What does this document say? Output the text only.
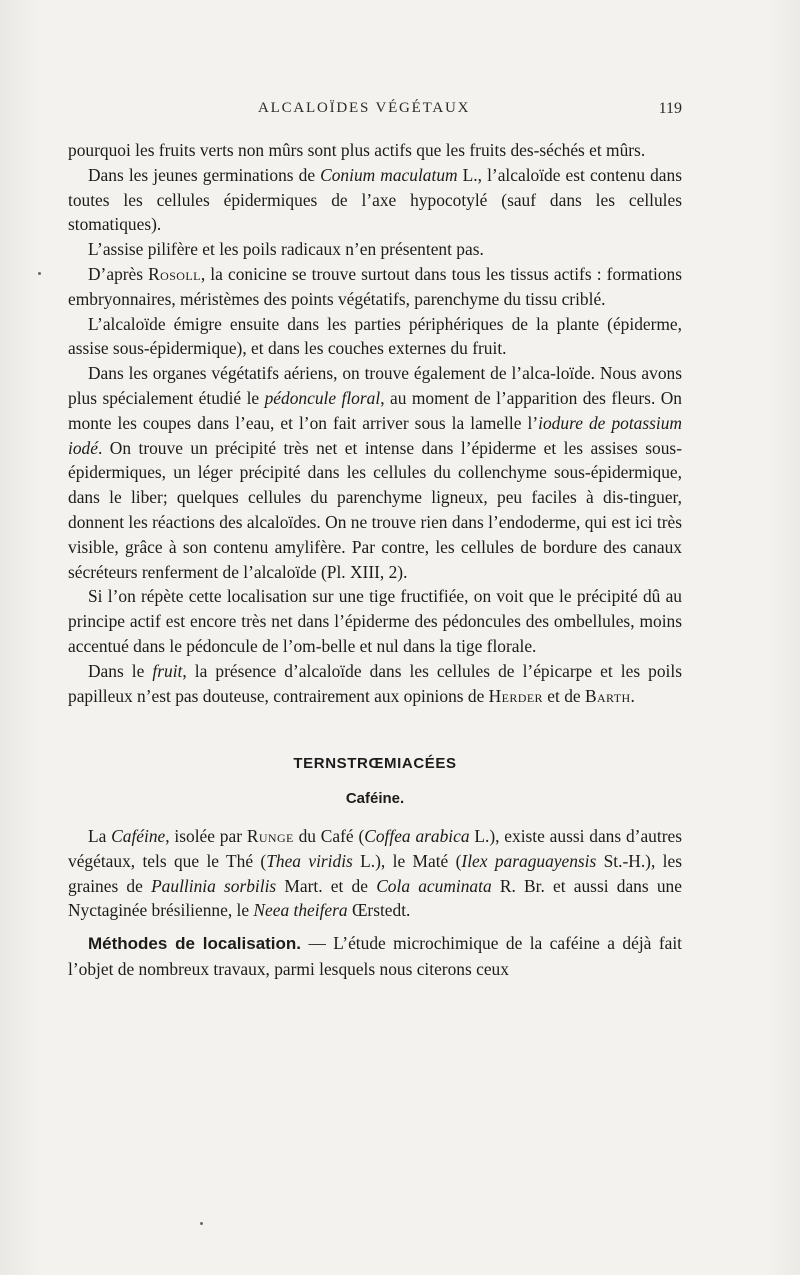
ALCALOÏDES VÉGÉTAUX	119

pourquoi les fruits verts non mûrs sont plus actifs que les fruits des-séchés et mûrs.

Dans les jeunes germinations de Conium maculatum L., l’alcaloïde est contenu dans toutes les cellules épidermiques de l’axe hypocotylé (sauf dans les cellules stomatiques).

L’assise pilifère et les poils radicaux n’en présentent pas.

D’après Rosoll, la conicine se trouve surtout dans tous les tissus actifs : formations embryonnaires, méristèmes des points végétatifs, parenchyme du tissu criblé.

L’alcaloïde émigre ensuite dans les parties périphériques de la plante (épiderme, assise sous-épidermique), et dans les couches externes du fruit.

Dans les organes végétatifs aériens, on trouve également de l’alca-loïde. Nous avons plus spécialement étudié le pédoncule floral, au moment de l’apparition des fleurs. On monte les coupes dans l’eau, et l’on fait arriver sous la lamelle l’iodure de potassium iodé. On trouve un précipité très net et intense dans l’épiderme et les assises sous-épidermiques, un léger précipité dans les cellules du collenchyme sous-épidermique, dans le liber; quelques cellules du parenchyme ligneux, peu faciles à dis-tinguer, donnent les réactions des alcaloïdes. On ne trouve rien dans l’endoderme, qui est ici très visible, grâce à son contenu amylifère. Par contre, les cellules de bordure des canaux sécréteurs renferment de l’alcaloïde (Pl. XIII, 2).

Si l’on répète cette localisation sur une tige fructifiée, on voit que le précipité dû au principe actif est encore très net dans l’épiderme des pédoncules des ombellules, moins accentué dans le pédoncule de l’om-belle et nul dans la tige florale.

Dans le fruit, la présence d’alcaloïde dans les cellules de l’épicarpe et les poils papilleux n’est pas douteuse, contrairement aux opinions de Herder et de Barth.

TERNSTRŒMIACÉES
Caféine.

La Caféine, isolée par Runge du Café (Coffea arabica L.), existe aussi dans d’autres végétaux, tels que le Thé (Thea viridis L.), le Maté (Ilex paraguayensis St.-H.), les graines de Paullinia sorbilis Mart. et de Cola acuminata R. Br. et aussi dans une Nyctaginée brésilienne, le Neea theifera Œrstedt.

Méthodes de localisation. — L’étude microchimique de la caféine a déjà fait l’objet de nombreux travaux, parmi lesquels nous citerons ceux
